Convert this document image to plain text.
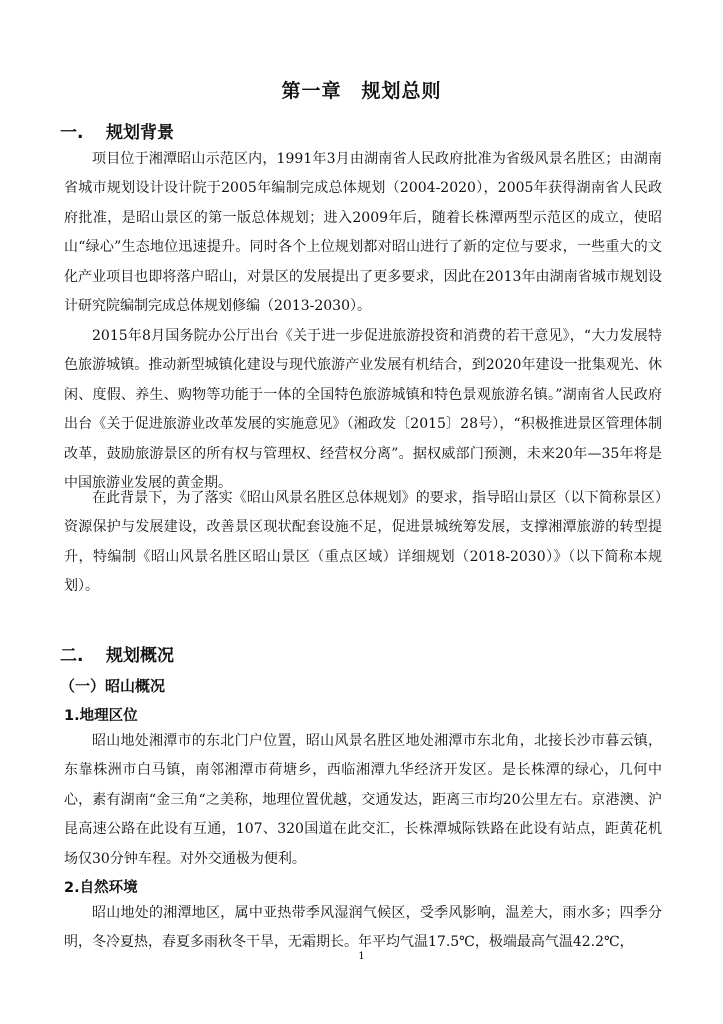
第一章　规划总则
一. 规划背景

项目位于湘潭昭山示范区内，1991年3月由湖南省人民政府批准为省级风景名胜区；由湖南省城市规划设计设计院于2005年编制完成总体规划（2004-2020），2005年获得湖南省人民政府批准，是昭山景区的第一版总体规划；进入2009年后，随着长株潭两型示范区的成立，使昭山“绿心”生态地位迅速提升。同时各个上位规划都对昭山进行了新的定位与要求，一些重大的文化产业项目也即将落户昭山，对景区的发展提出了更多要求，因此在2013年由湖南省城市规划设计研究院编制完成总体规划修编（2013-2030）。

2015年8月国务院办公厅出台《关于进一步促进旅游投资和消费的若干意见》，“大力发展特色旅游城镇。推动新型城镇化建设与现代旅游产业发展有机结合，到2020年建设一批集观光、休闲、度假、养生、购物等功能于一体的全国特色旅游城镇和特色景观旅游名镇。”湖南省人民政府出台《关于促进旅游业改革发展的实施意见》（湘政发〔2015〕28号），“积极推进景区管理体制改革，鼓励旅游景区的所有权与管理权、经营权分离”。据权威部门预测，未来20年—35年将是中国旅游业发展的黄金期。

在此背景下，为了落实《昭山风景名胜区总体规划》的要求，指导昭山景区（以下简称景区）资源保护与发展建设，改善景区现状配套设施不足，促进景城统筹发展，支撑湘潭旅游的转型提升，特编制《昭山风景名胜区昭山景区（重点区域）详细规划（2018-2030）》（以下简称本规划）。

二. 规划概况
（一）昭山概况
1.地理区位

昭山地处湘潭市的东北门户位置，昭山风景名胜区地处湘潭市东北角，北接长沙市暮云镇，东靠株洲市白马镇，南邻湘潭市荷塘乡，西临湘潭九华经济开发区。是长株潭的绿心，几何中心，素有湖南“金三角“之美称，地理位置优越，交通发达，距离三市均20公里左右。京港澳、沪昆高速公路在此设有互通，107、320国道在此交汇，长株潭城际铁路在此设有站点，距黄花机场仅30分钟车程。对外交通极为便利。

2.自然环境

昭山地处的湘潭地区，属中亚热带季风湿润气候区，受季风影响，温差大，雨水多；四季分明，冬冷夏热，春夏多雨秋冬干旱，无霜期长。年平均气温17.5℃，极端最高气温42.2℃，

1
